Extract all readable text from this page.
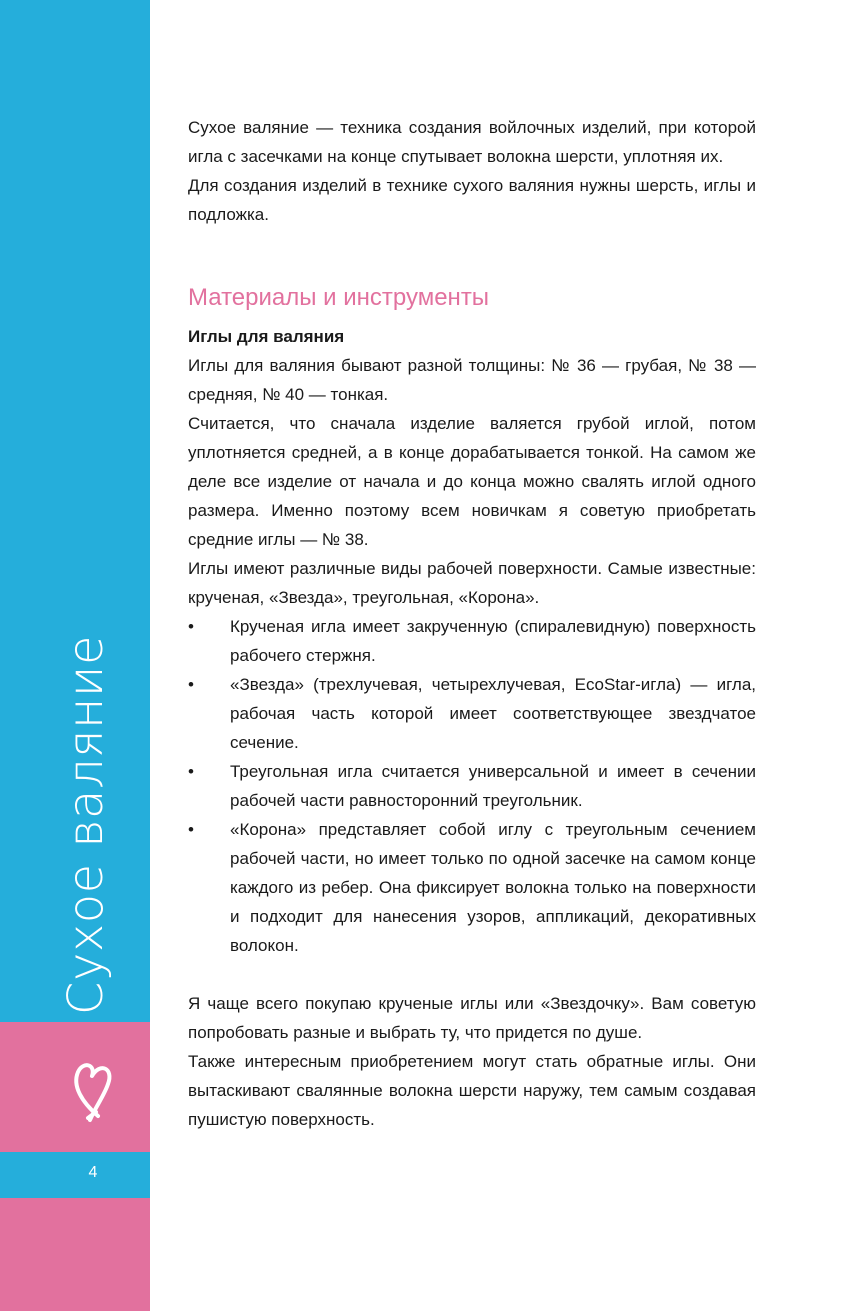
Сухое валяние
4

Сухое валяние — техника создания войлочных изделий, при которой игла с засечками на конце спутывает волокна шерсти, уплотняя их.

Для создания изделий в технике сухого валяния нужны шерсть, иглы и подложка.

Материалы и инструменты

Иглы для валяния

Иглы для валяния бывают разной толщины: № 36 — грубая, № 38 — средняя, № 40 — тонкая.

Считается, что сначала изделие валяется грубой иглой, потом уплотняется средней, а в конце дорабатывается тонкой. На самом же деле все изделие от начала и до конца можно свалять иглой одного размера. Именно поэтому всем новичкам я советую приобретать средние иглы — № 38.

Иглы имеют различные виды рабочей поверхности. Самые известные: крученая, «Звезда», треугольная, «Корона».

• Крученая игла имеет закрученную (спиралевидную) поверхность рабочего стержня.
• «Звезда» (трехлучевая, четырехлучевая, EcoStar-игла) — игла, рабочая часть которой имеет соответствующее звездчатое сечение.
• Треугольная игла считается универсальной и имеет в сечении рабочей части равносторонний треугольник.
• «Корона» представляет собой иглу с треугольным сечением рабочей части, но имеет только по одной засечке на самом конце каждого из ребер. Она фиксирует волокна только на поверхности и подходит для нанесения узоров, аппликаций, декоративных волокон.

Я чаще всего покупаю крученые иглы или «Звездочку». Вам советую попробовать разные и выбрать ту, что придется по душе.

Также интересным приобретением могут стать обратные иглы. Они вытаскивают свалянные волокна шерсти наружу, тем самым создавая пушистую поверхность.
